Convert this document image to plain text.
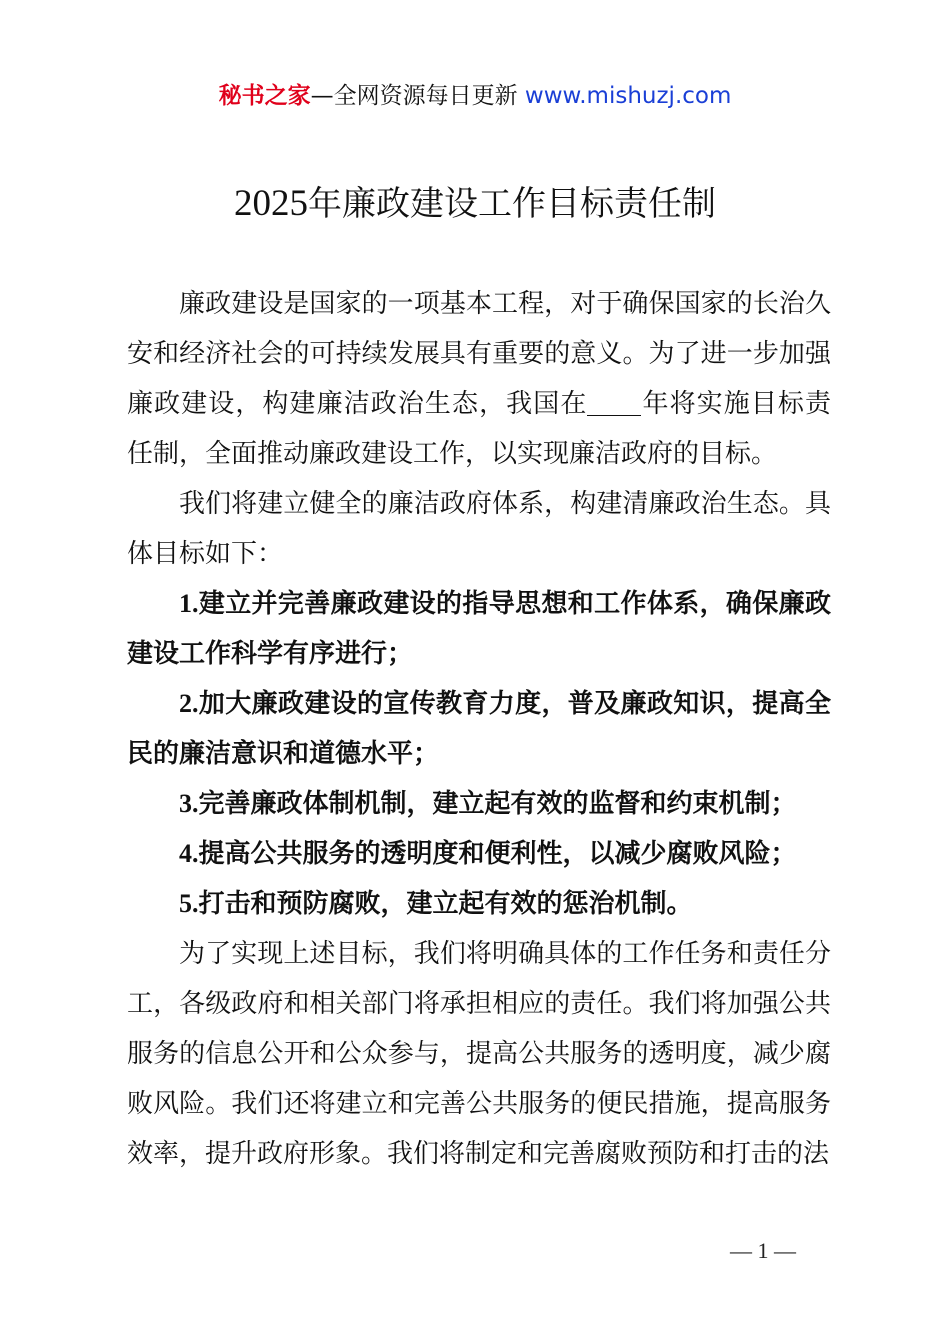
秘书之家—全网资源每日更新 www.mishuzj.com
2025年廉政建设工作目标责任制

廉政建设是国家的一项基本工程，对于确保国家的长治久安和经济社会的可持续发展具有重要的意义。为了进一步加强廉政建设，构建廉洁政治生态，我国在 年将实施目标责任制，全面推动廉政建设工作，以实现廉洁政府的目标。

我们将建立健全的廉洁政府体系，构建清廉政治生态。具体目标如下：

1.建立并完善廉政建设的指导思想和工作体系，确保廉政建设工作科学有序进行；

2.加大廉政建设的宣传教育力度，普及廉政知识，提高全民的廉洁意识和道德水平；

3.完善廉政体制机制，建立起有效的监督和约束机制；

4.提高公共服务的透明度和便利性，以减少腐败风险；

5.打击和预防腐败，建立起有效的惩治机制。

为了实现上述目标，我们将明确具体的工作任务和责任分工，各级政府和相关部门将承担相应的责任。我们将加强公共服务的信息公开和公众参与，提高公共服务的透明度，减少腐败风险。我们还将建立和完善公共服务的便民措施，提高服务效率，提升政府形象。我们将制定和完善腐败预防和打击的法

— 1 —
